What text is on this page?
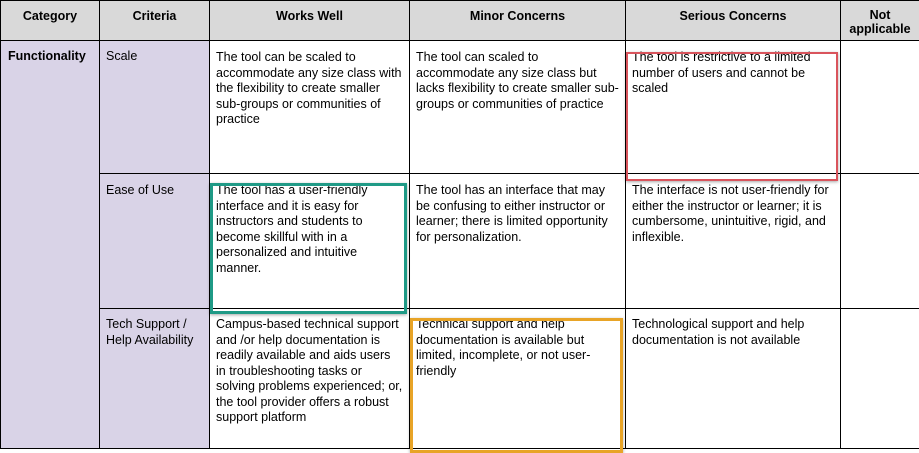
Category	Criteria	Works Well	Minor Concerns	Serious Concerns	Not applicable

Functionality	Scale	The tool can be scaled to accommodate any size class with the flexibility to create smaller sub-groups or communities of practice	The tool can scaled to accommodate any size class but lacks flexibility to create smaller sub-groups or communities of practice	The tool is restrictive to a limited number of users and cannot be scaled	

	Ease of Use	The tool has a user-friendly interface and it is easy for instructors and students to become skillful with in a personalized and intuitive manner.	The tool has an interface that may be confusing to either instructor or learner; there is limited opportunity for personalization.	The interface is not user-friendly for either the instructor or learner; it is cumbersome, unintuitive, rigid, and inflexible.	

	Tech Support / Help Availability	Campus-based technical support and /or help documentation is readily available and aids users in troubleshooting tasks or solving problems experienced; or, the tool provider offers a robust support platform	Technical support and help documentation is available but limited, incomplete, or not user-friendly	Technological support and help documentation is not available	
